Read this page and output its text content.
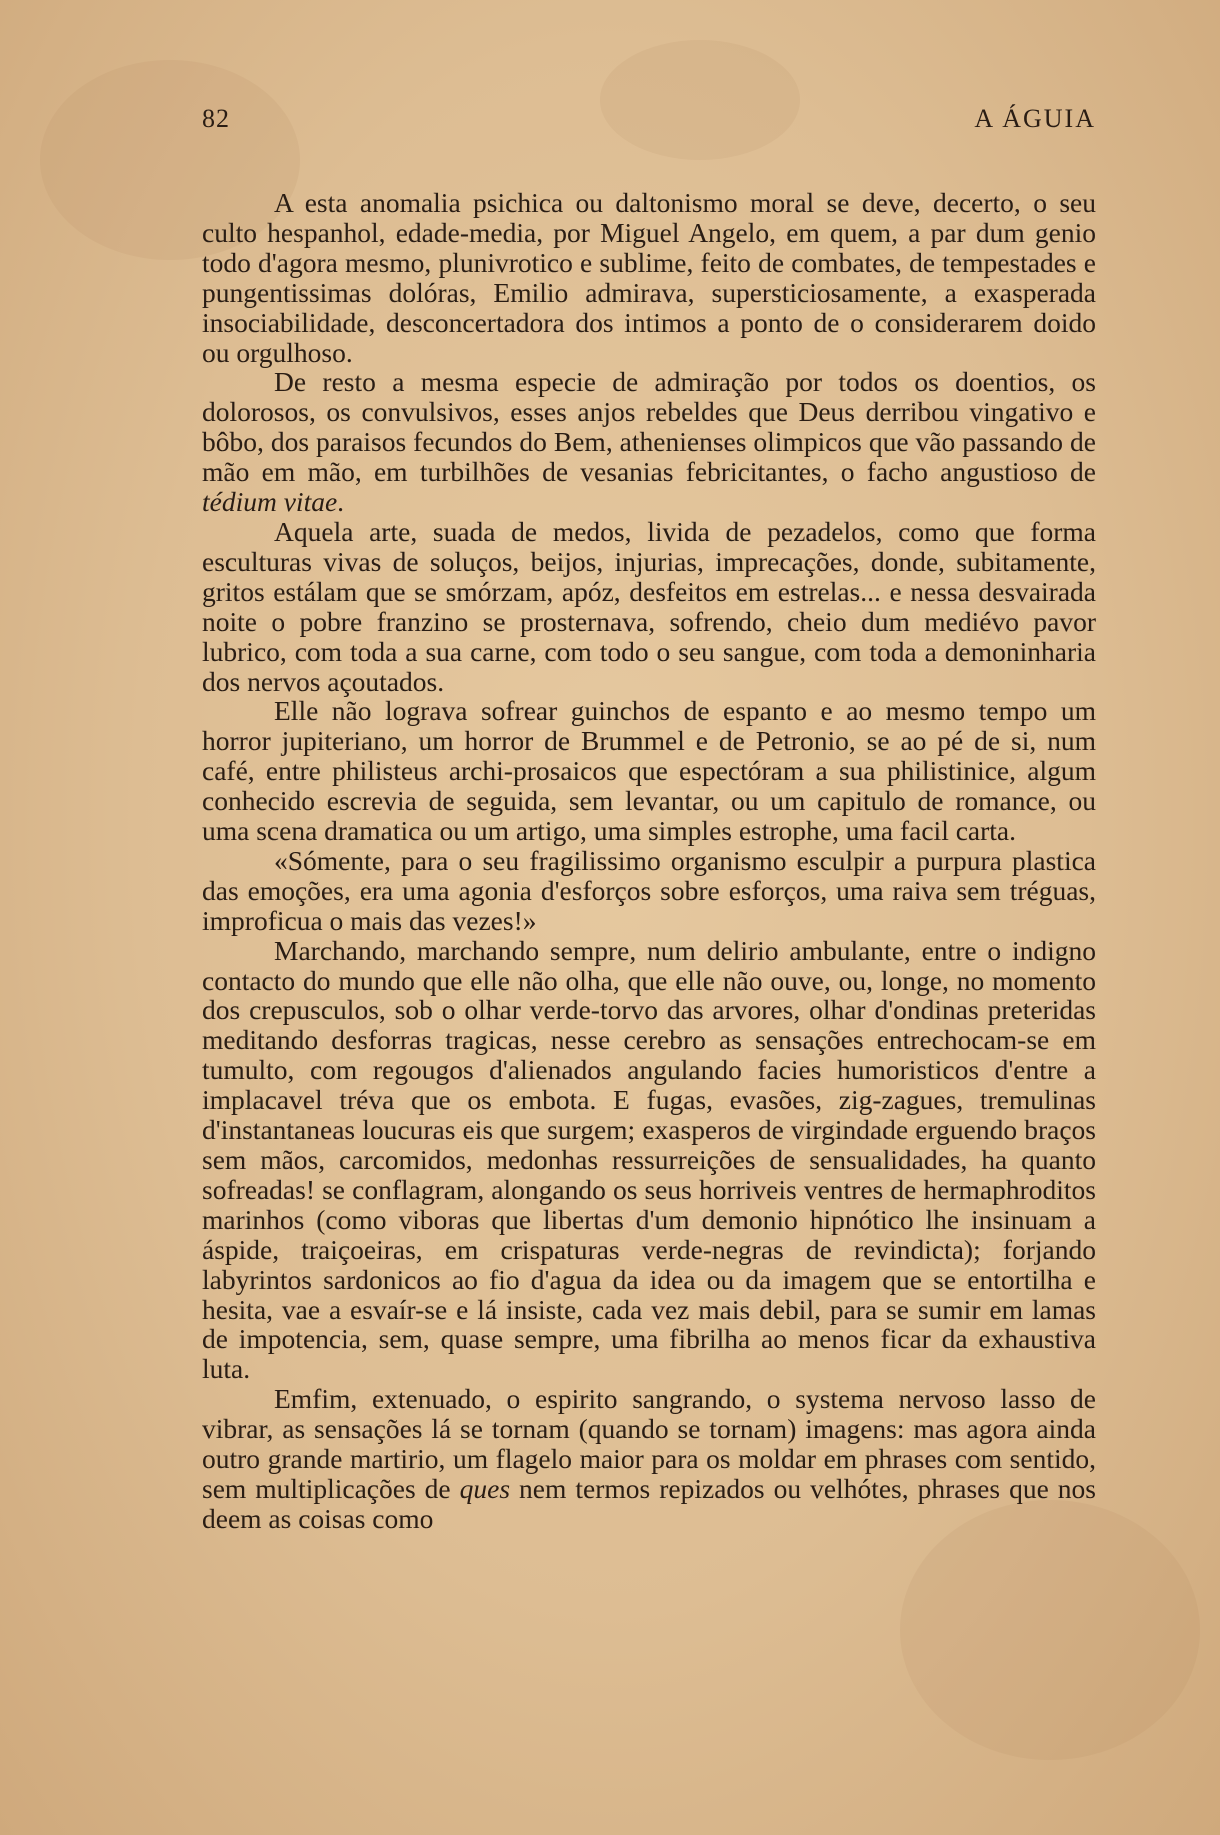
82	A ÁGUIA

A esta anomalia psichica ou daltonismo moral se deve, decerto, o seu culto hespanhol, edade-media, por Miguel Angelo, em quem, a par dum genio todo d'agora mesmo, plunivrotico e sublime, feito de combates, de tempestades e pungentissimas dolóras, Emilio admirava, supersticiosamente, a exasperada insociabilidade, desconcertadora dos intimos a ponto de o considerarem doido ou orgulhoso.

De resto a mesma especie de admiração por todos os doentios, os dolorosos, os convulsivos, esses anjos rebeldes que Deus derribou vingativo e bôbo, dos paraisos fecundos do Bem, athenienses olimpicos que vão passando de mão em mão, em turbilhões de vesanias febricitantes, o facho angustioso de tédium vitae.

Aquela arte, suada de medos, livida de pezadelos, como que forma esculturas vivas de soluços, beijos, injurias, imprecações, donde, subitamente, gritos estálam que se smórzam, apóz, desfeitos em estrelas... e nessa desvairada noite o pobre franzino se prosternava, sofrendo, cheio dum mediévo pavor lubrico, com toda a sua carne, com todo o seu sangue, com toda a demoninharia dos nervos açoutados.

Elle não lograva sofrear guinchos de espanto e ao mesmo tempo um horror jupiteriano, um horror de Brummel e de Petronio, se ao pé de si, num café, entre philisteus archi-prosaicos que espectóram a sua philistinice, algum conhecido escrevia de seguida, sem levantar, ou um capitulo de romance, ou uma scena dramatica ou um artigo, uma simples estrophe, uma facil carta.

«Sómente, para o seu fragilissimo organismo esculpir a purpura plastica das emoções, era uma agonia d'esforços sobre esforços, uma raiva sem tréguas, improficua o mais das vezes!»

Marchando, marchando sempre, num delirio ambulante, entre o indigno contacto do mundo que elle não olha, que elle não ouve, ou, longe, no momento dos crepusculos, sob o olhar verde-torvo das arvores, olhar d'ondinas preteridas meditando desforras tragicas, nesse cerebro as sensações entrechocam-se em tumulto, com regougos d'alienados angulando facies humoristicos d'entre a implacavel tréva que os embota. E fugas, evasões, zig-zagues, tremulinas d'instantaneas loucuras eis que surgem; exasperos de virgindade erguendo braços sem mãos, carcomidos, medonhas ressurreições de sensualidades, ha quanto sofreadas! se conflagram, alongando os seus horriveis ventres de hermaphroditos marinhos (como viboras que libertas d'um demonio hipnótico lhe insinuam a áspide, traiçoeiras, em crispaturas verde-negras de revindicta); forjando labyrintos sardonicos ao fio d'agua da idea ou da imagem que se entortilha e hesita, vae a esvaír-se e lá insiste, cada vez mais debil, para se sumir em lamas de impotencia, sem, quase sempre, uma fibrilha ao menos ficar da exhaustiva luta.

Emfim, extenuado, o espirito sangrando, o systema nervoso lasso de vibrar, as sensações lá se tornam (quando se tornam) imagens: mas agora ainda outro grande martirio, um flagelo maior para os moldar em phrases com sentido, sem multiplicações de ques nem termos repizados ou velhótes, phrases que nos deem as coisas como
